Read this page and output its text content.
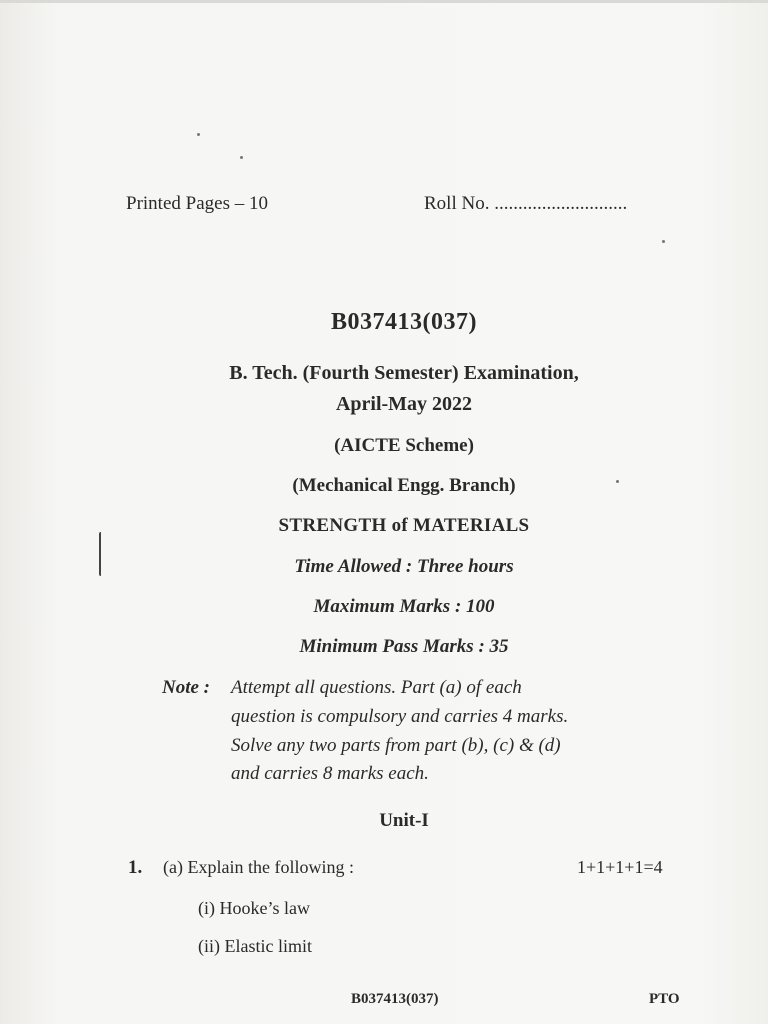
Printed Pages – 10	Roll No. ............................
B037413(037)
B. Tech. (Fourth Semester) Examination,
April-May 2022
(AICTE Scheme)
(Mechanical Engg. Branch)
STRENGTH of MATERIALS
Time Allowed : Three hours
Maximum Marks : 100
Minimum Pass Marks : 35
Note : Attempt all questions. Part (a) of each
question is compulsory and carries 4 marks.
Solve any two parts from part (b), (c) & (d)
and carries 8 marks each.
Unit-I
1. (a) Explain the following :	1+1+1+1=4
(i) Hooke’s law
(ii) Elastic limit
B037413(037)	PTO
